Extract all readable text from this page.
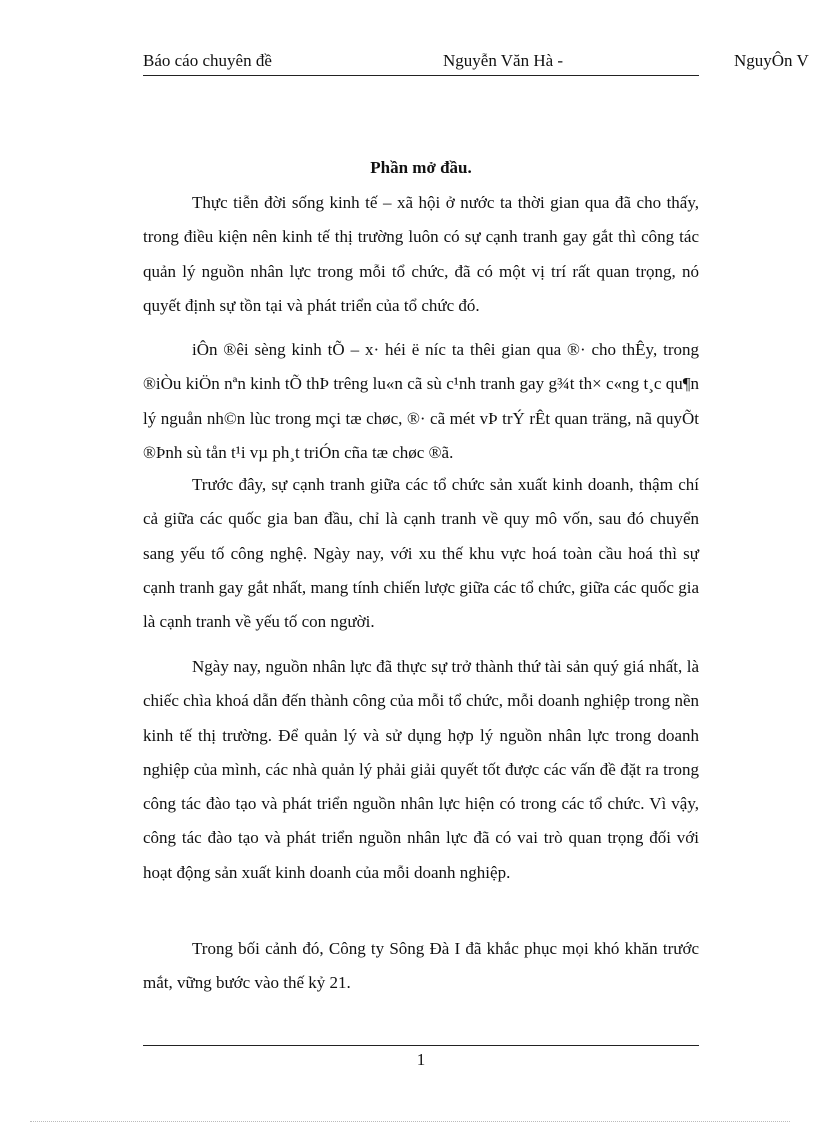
Báo cáo chuyên đề	Nguyễn Văn Hà -	NguyÔn V
Phần mở đầu.
Thực tiễn đời sống kinh tế – xã hội ở nước ta thời gian qua đã cho thấy, trong điều kiện nên kinh tế thị trường luôn có sự cạnh tranh gay gắt thì công tác quản lý nguồn nhân lực trong mỗi tổ chức, đã có một vị trí rất quan trọng, nó quyết định sự tồn tại và phát triển của tổ chức đó.
iÔn ®êi sèng kinh tÕ – x· héi ë níc ta thêi gian qua ®· cho thÊy, trong ®iÒu kiÖn nªn kinh tÕ thÞ trêng lu«n cã sù c¹nh tranh gay g¾t th× c«ng t¸c qu¶n lý nguån nh©n lùc trong mçi tæ chøc, ®· cã mét vÞ trÝ rÊt quan träng, nã quyÕt ®Þnh sù tån t¹i vµ ph¸t triÓn cña tæ chøc ®ã.
Trước đây, sự cạnh tranh giữa các tổ chức sản xuất kinh doanh, thậm chí cả giữa các quốc gia ban đầu, chỉ là cạnh tranh về quy mô vốn, sau đó chuyển sang yếu tố công nghệ. Ngày nay, với xu thế khu vực hoá toàn cầu hoá thì sự cạnh tranh gay gắt nhất, mang tính chiến lược giữa các tổ chức, giữa các quốc gia là cạnh tranh về yếu tố con người.
Ngày nay, nguồn nhân lực đã thực sự trở thành thứ tài sản quý giá nhất, là chiếc chìa khoá dẫn đến thành công của mỗi tổ chức, mỗi doanh nghiệp trong nền kinh tế thị trường. Để quản lý và sử dụng hợp lý nguồn nhân lực trong doanh nghiệp của mình, các nhà quản lý phải giải quyết tốt được các vấn đề đặt ra trong công tác đào tạo và phát triển nguồn nhân lực hiện có trong các tổ chức. Vì vậy, công tác đào tạo và phát triển nguồn nhân lực đã có vai trò quan trọng đối với hoạt động sản xuất kinh doanh của mỗi doanh nghiệp.
Trong bối cảnh đó, Công ty Sông Đà I đã khắc phục mọi khó khăn trước mắt, vững bước vào thế kỷ 21.
1
